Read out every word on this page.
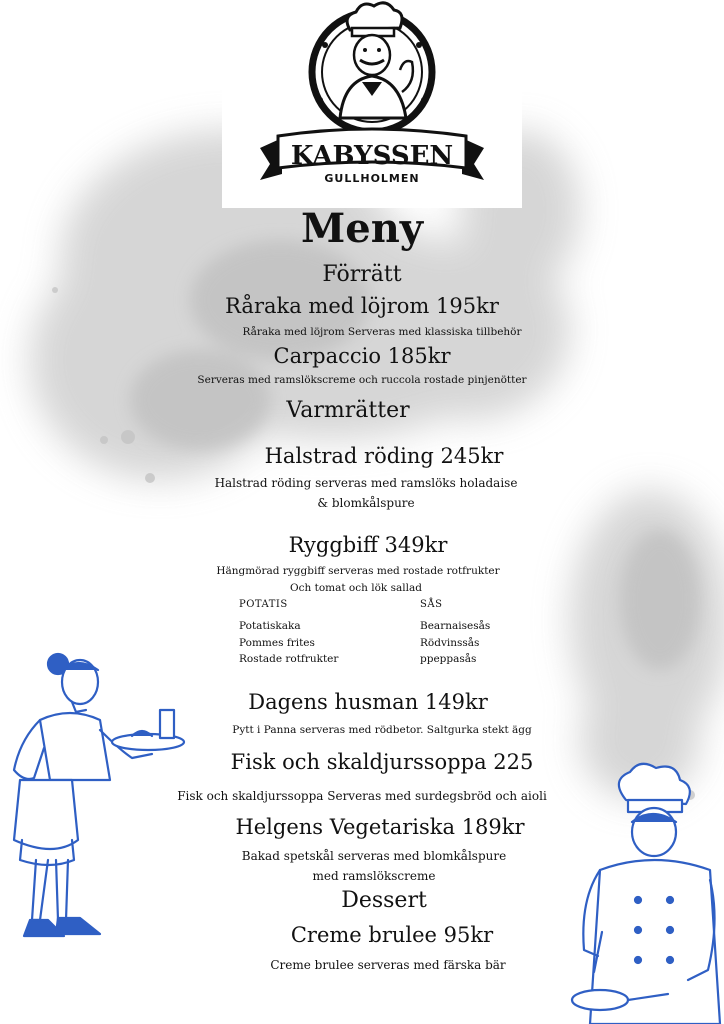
KABYSSEN
GULLHOLMEN
Meny
Förrätt
Råraka med löjrom 195kr
Råraka med löjrom Serveras med klassiska tillbehör
Carpaccio 185kr
Serveras med ramslökscreme och ruccola rostade pinjenötter
Varmrätter
Halstrad röding 245kr
Halstrad röding serveras med ramslöks holadaise
& blomkålspure
Ryggbiff 349kr
Hängmörad ryggbiff serveras med rostade rotfrukter
Och tomat och lök sallad
POTATIS
Potatiskaka
Pommes frites
Rostade rotfrukter
SÅS
Bearnaisesås
Rödvinssås
ppeppasås
Dagens husman 149kr
Pytt i Panna serveras med rödbetor. Saltgurka stekt ägg
Fisk och skaldjurssoppa 225
Fisk och skaldjurssoppa Serveras med surdegsbröd och aioli
Helgens Vegetariska 189kr
Bakad spetskål serveras med blomkålspure
med ramslökscreme
Dessert
Creme brulee 95kr
Creme brulee serveras med färska bär
